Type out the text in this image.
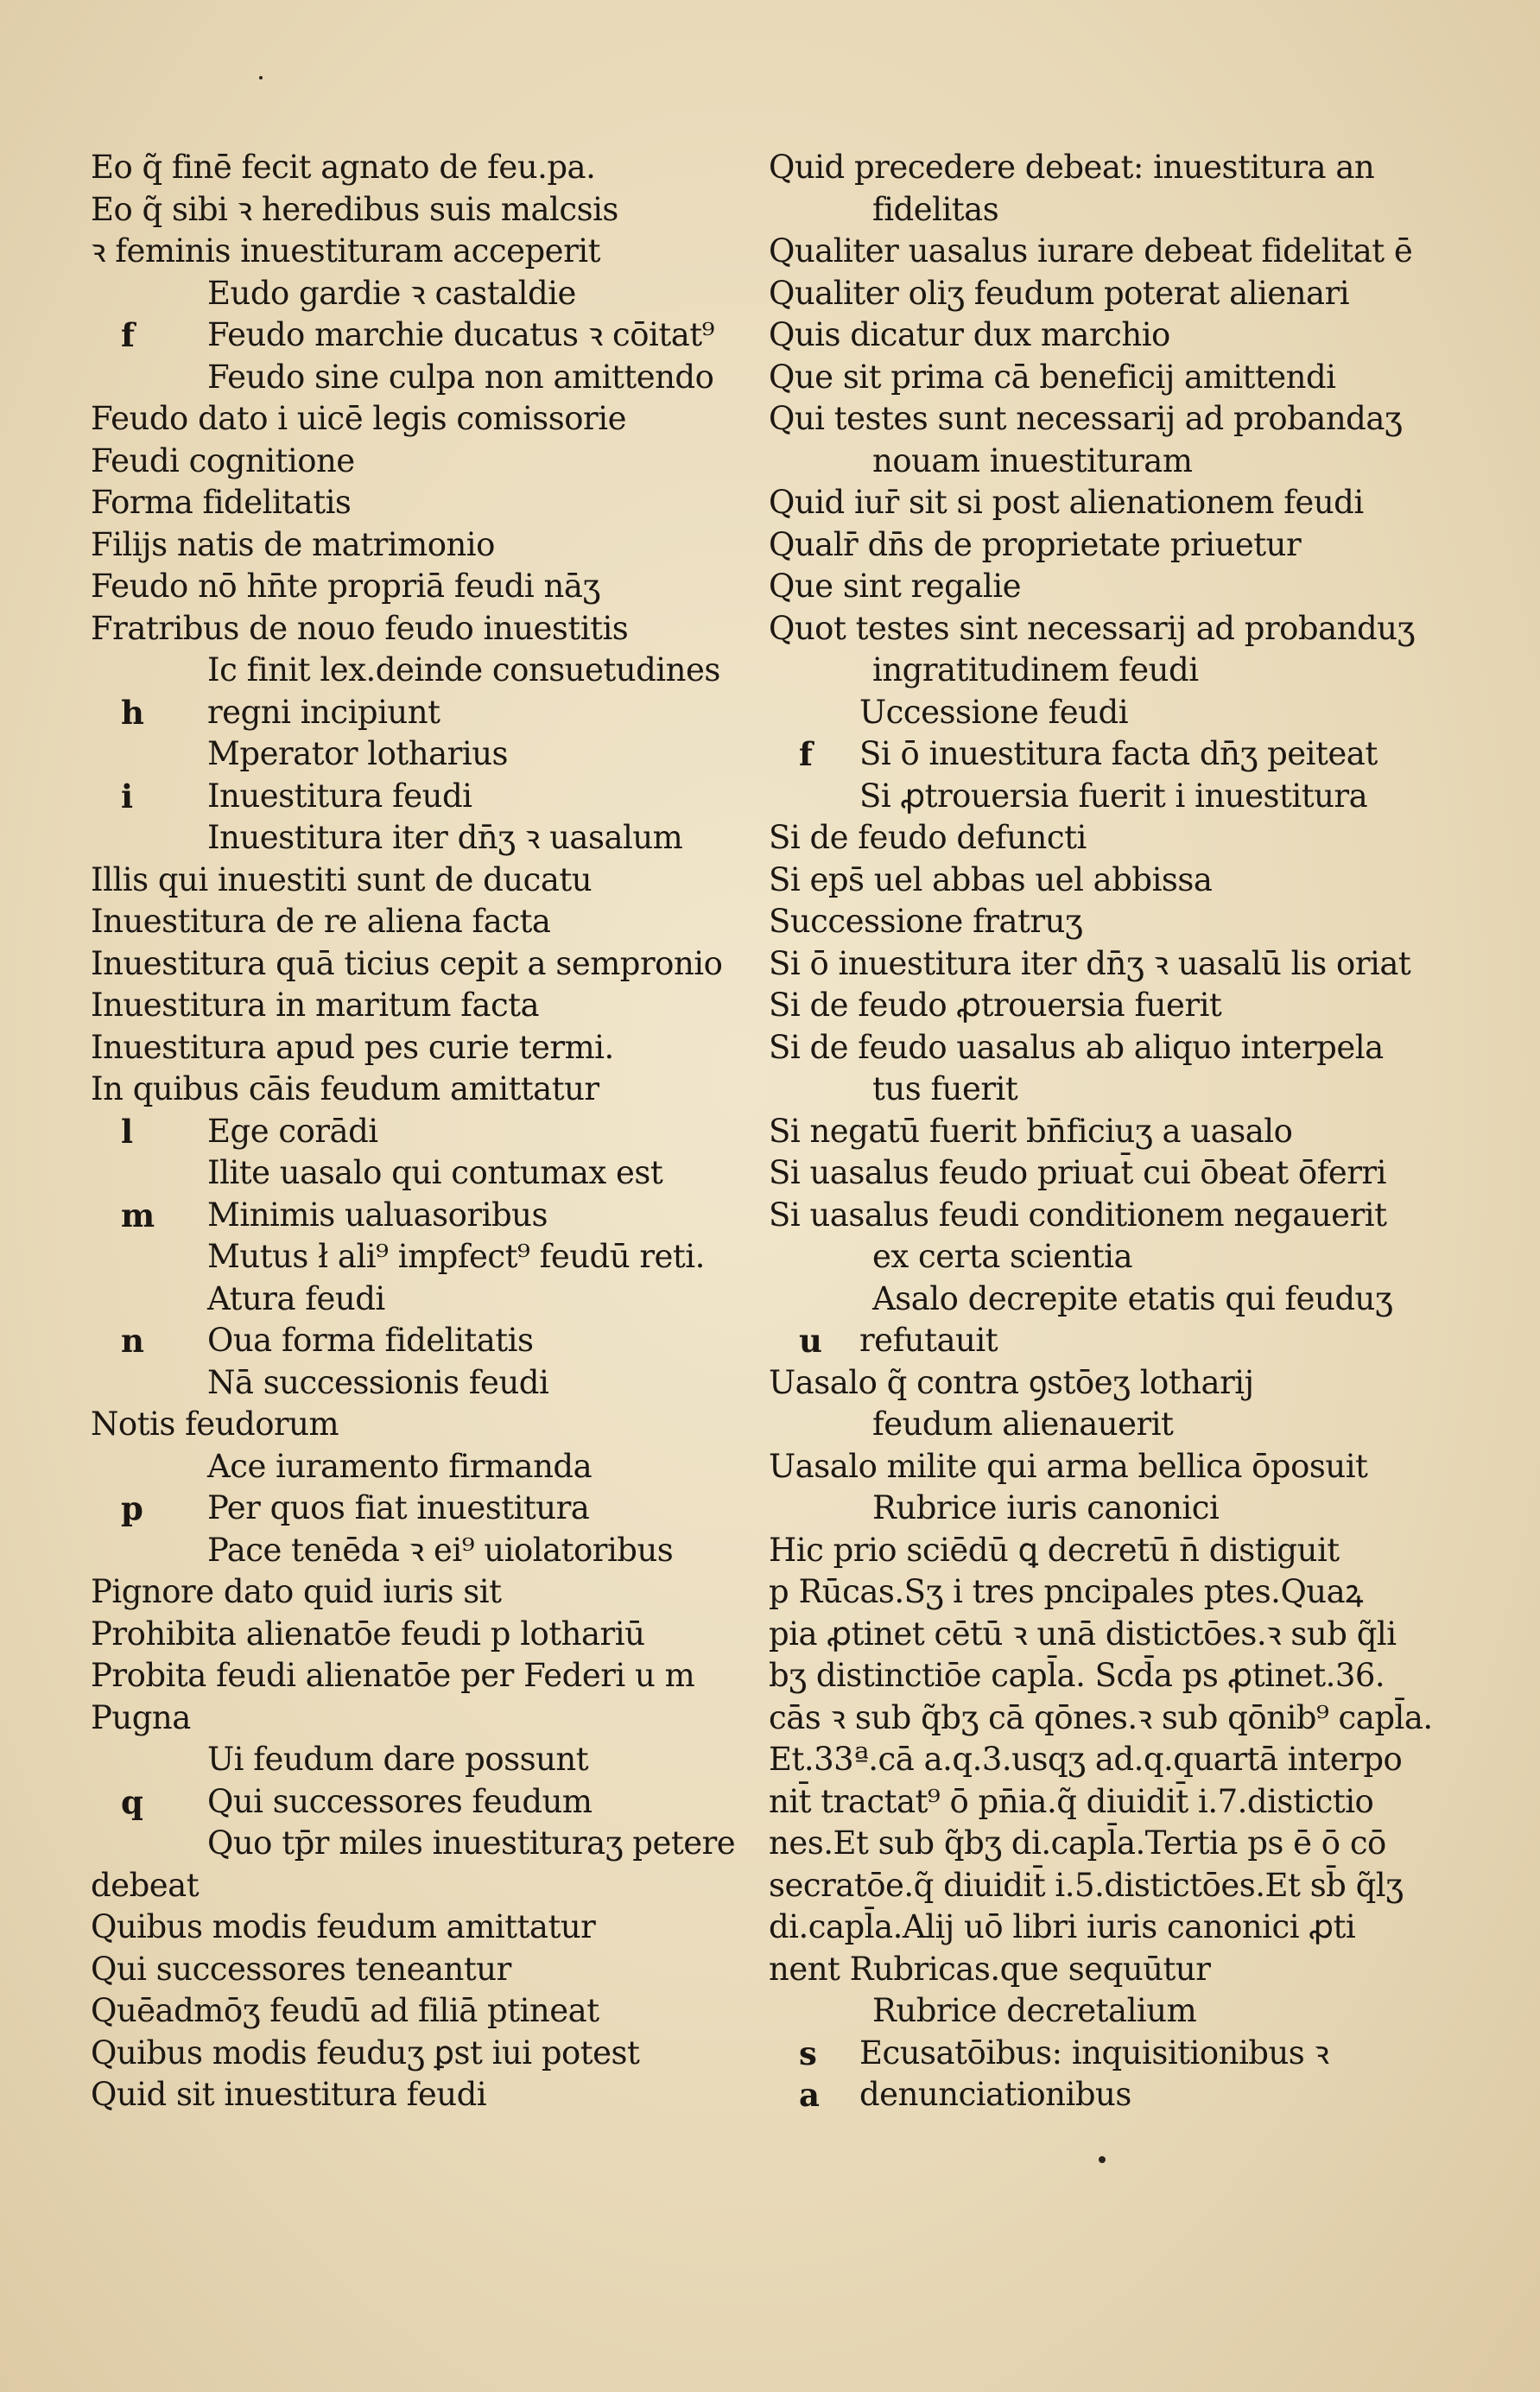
Eo q̃ finē fecit agnato de feu.pa.
Eo q̃ sibi ꝛ heredibus suis malcsis
ꝛ feminis inuestituram acceperit
Eudo gardie ꝛ castaldie
f Feudo marchie ducatus ꝛ cōitat⁹
Feudo sine culpa non amittendo
Feudo dato i uicē legis comissorie
Feudi cognitione
Forma fidelitatis
Filijs natis de matrimonio
Feudo nō hn̄te propriā feudi nāʒ
Fratribus de nouo feudo inuestitis
Ic finit lex.deinde consuetudines
h regni incipiunt
Mperator lotharius
i Inuestitura feudi
Inuestitura iter dn̄ʒ ꝛ uasalum
Illis qui inuestiti sunt de ducatu
Inuestitura de re aliena facta
Inuestitura quā ticius cepit a sempronio
Inuestitura in maritum facta
Inuestitura apud pes curie termi.
In quibus cāis feudum amittatur
l Ege corādi
Ilite uasalo qui contumax est
m Minimis ualuasoribus
Mutus ł ali⁹ impfect⁹ feudū reti.
Atura feudi
n Oua forma fidelitatis
Nā successionis feudi
Notis feudorum
Ace iuramento firmanda
p Per quos fiat inuestitura
Pace tenēda ꝛ ei⁹ uiolatoribus
Pignore dato quid iuris sit
Prohibita alienatōe feudi p lothariū
Probita feudi alienatōe per Federi u m
Pugna
Ui feudum dare possunt
q Qui successores feudum
Quo tp̄r miles inuestituraʒ petere
debeat
Quibus modis feudum amittatur
Qui successores teneantur
Quēadmōʒ feudū ad filiā ptineat
Quibus modis feuduʒ ꝑst iui potest
Quid sit inuestitura feudi
Quid precedere debeat: inuestitura an
fidelitas
Qualiter uasalus iurare debeat fidelitat ē
Qualiter oliʒ feudum poterat alienari
Quis dicatur dux marchio
Que sit prima cā beneficij amittendi
Qui testes sunt necessarij ad probandaʒ
nouam inuestituram
Quid iur̄ sit si post alienationem feudi
Qualr̄ dn̄s de proprietate priuetur
Que sint regalie
Quot testes sint necessarij ad probanduʒ
ingratitudinem feudi
Uccessione feudi
f Si ō inuestitura facta dn̄ʒ peiteat
Si ꝓtrouersia fuerit i inuestitura
Si de feudo defuncti
Si eps̄ uel abbas uel abbissa
Successione fratruʒ
Si ō inuestitura iter dn̄ʒ ꝛ uasalū lis oriat
Si de feudo ꝓtrouersia fuerit
Si de feudo uasalus ab aliquo interpela
tus fuerit
Si negatū fuerit bn̄ficiuʒ a uasalo
Si uasalus feudo priuat̄ cui ōbeat ōferri
Si uasalus feudi conditionem negauerit
ex certa scientia
Asalo decrepite etatis qui feuduʒ
u refutauit
Uasalo q̃ contra ꝯstōeʒ lotharij
feudum alienauerit
Uasalo milite qui arma bellica ōposuit
Rubrice iuris canonici
Hic prio sciēdū ꝗ decretū n̄ distiguit
p Rūcas.Sʒ i tres pncipales ptes.Quaꝝ
pia ꝓtinet cētū ꝛ unā distictōes.ꝛ sub q̃li
bʒ distinctiōe capl̄a. Scd̄a ps ꝓtinet.36.
cās ꝛ sub q̃bʒ cā qōnes.ꝛ sub qōnib⁹ capl̄a.
Et.33ª.cā a.q.3.usqʒ ad.q.quartā interpo
nit̄ tractat⁹ ō pn̄ia.q̃ diuidit̄ i.7.distictio
nes.Et sub q̃bʒ di.capl̄a.Tertia ps ē ō cō
secratōe.q̃ diuidit̄ i.5.distictōes.Et sb̄ q̃lʒ
di.capl̄a.Alij uō libri iuris canonici ꝓti
nent Rubricas.que sequūtur
Rubrice decretalium
s Ecusatōibus: inquisitionibus ꝛ
a denunciationibus
